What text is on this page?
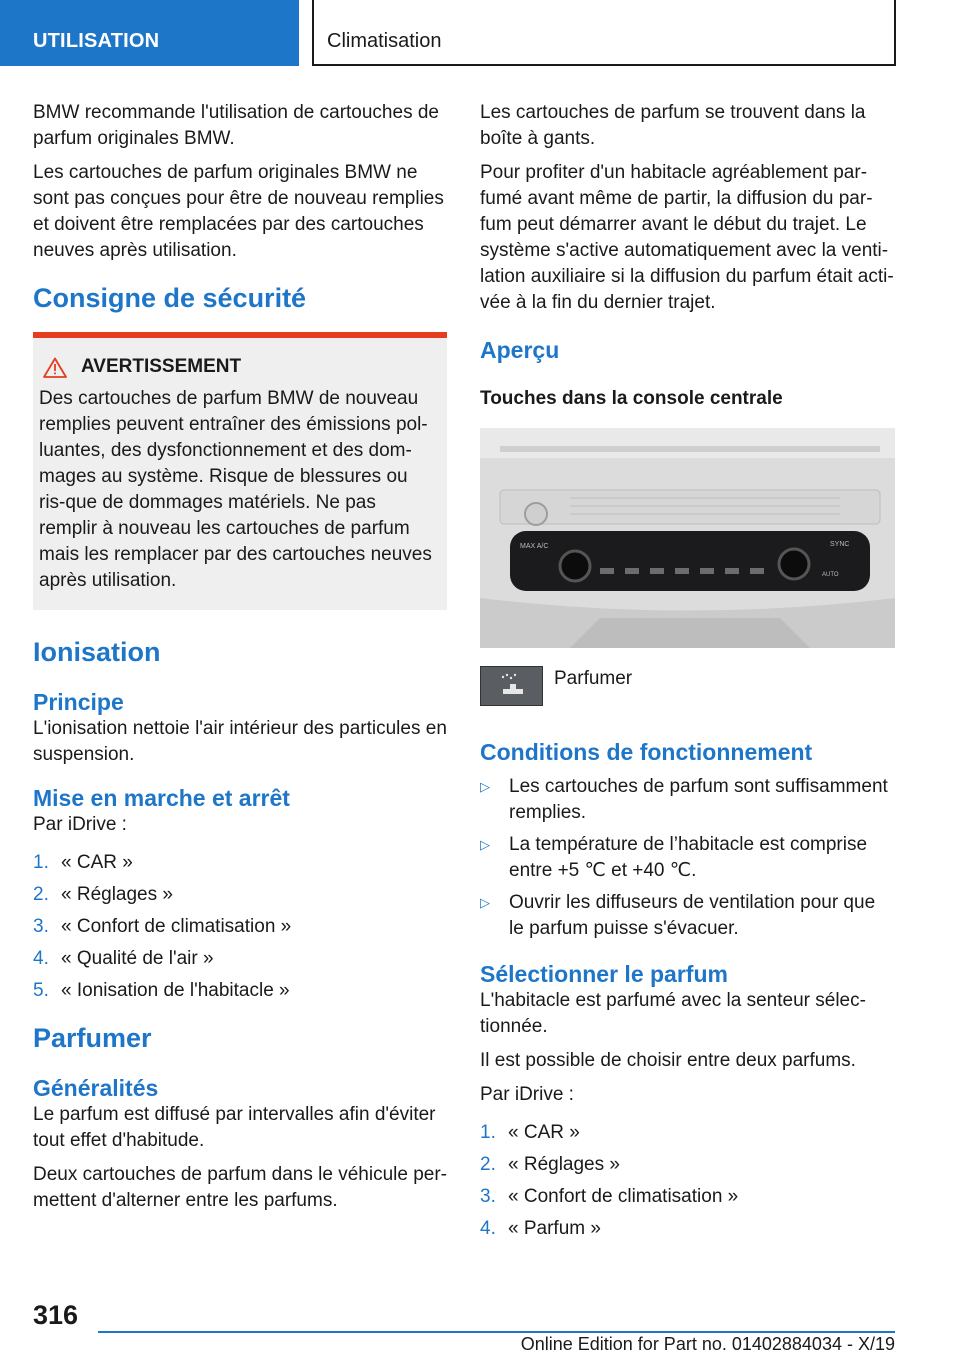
UTILISATION	Climatisation

BMW recommande l'utilisation de cartouches de parfum originales BMW.

Les cartouches de parfum originales BMW ne sont pas conçues pour être de nouveau remplies et doivent être remplacées par des cartouches neuves après utilisation.

Consigne de sécurité
AVERTISSEMENT
Des cartouches de parfum BMW de nouveau remplies peuvent entraîner des émissions pol-luantes, des dysfonctionnement et des dom-mages au système. Risque de blessures ou ris-que de dommages matériels. Ne pas remplir à nouveau les cartouches de parfum mais les remplacer par des cartouches neuves après utilisation.
Ionisation
Principe

L'ionisation nettoie l'air intérieur des particules en suspension.

Mise en marche et arrêt

Par iDrive :

1. « CAR »
2. « Réglages »
3. « Confort de climatisation »
4. « Qualité de l'air »
5. « Ionisation de l'habitacle »
Parfumer
Généralités

Le parfum est diffusé par intervalles afin d'éviter tout effet d'habitude.

Deux cartouches de parfum dans le véhicule per-mettent d'alterner entre les parfums.

Les cartouches de parfum se trouvent dans la boîte à gants.

Pour profiter d'un habitacle agréablement par-fumé avant même de partir, la diffusion du par-fum peut démarrer avant le début du trajet. Le système s'active automatiquement avec la venti-lation auxiliaire si la diffusion du parfum était acti-vée à la fin du dernier trajet.

Aperçu
Touches dans la console centrale
MAX A/C	SYNC
AUTO
Parfumer
Conditions de fonctionnement
▷	Les cartouches de parfum sont suffisamment remplies.
▷	La température de l’habitacle est comprise entre +5 ℃ et +40 ℃.
▷	Ouvrir les diffuseurs de ventilation pour que le parfum puisse s'évacuer.
Sélectionner le parfum

L'habitacle est parfumé avec la senteur sélec-tionnée.

Il est possible de choisir entre deux parfums.

Par iDrive :

1. « CAR »
2. « Réglages »
3. « Confort de climatisation »
4. « Parfum »
316
Online Edition for Part no. 01402884034 - X/19
